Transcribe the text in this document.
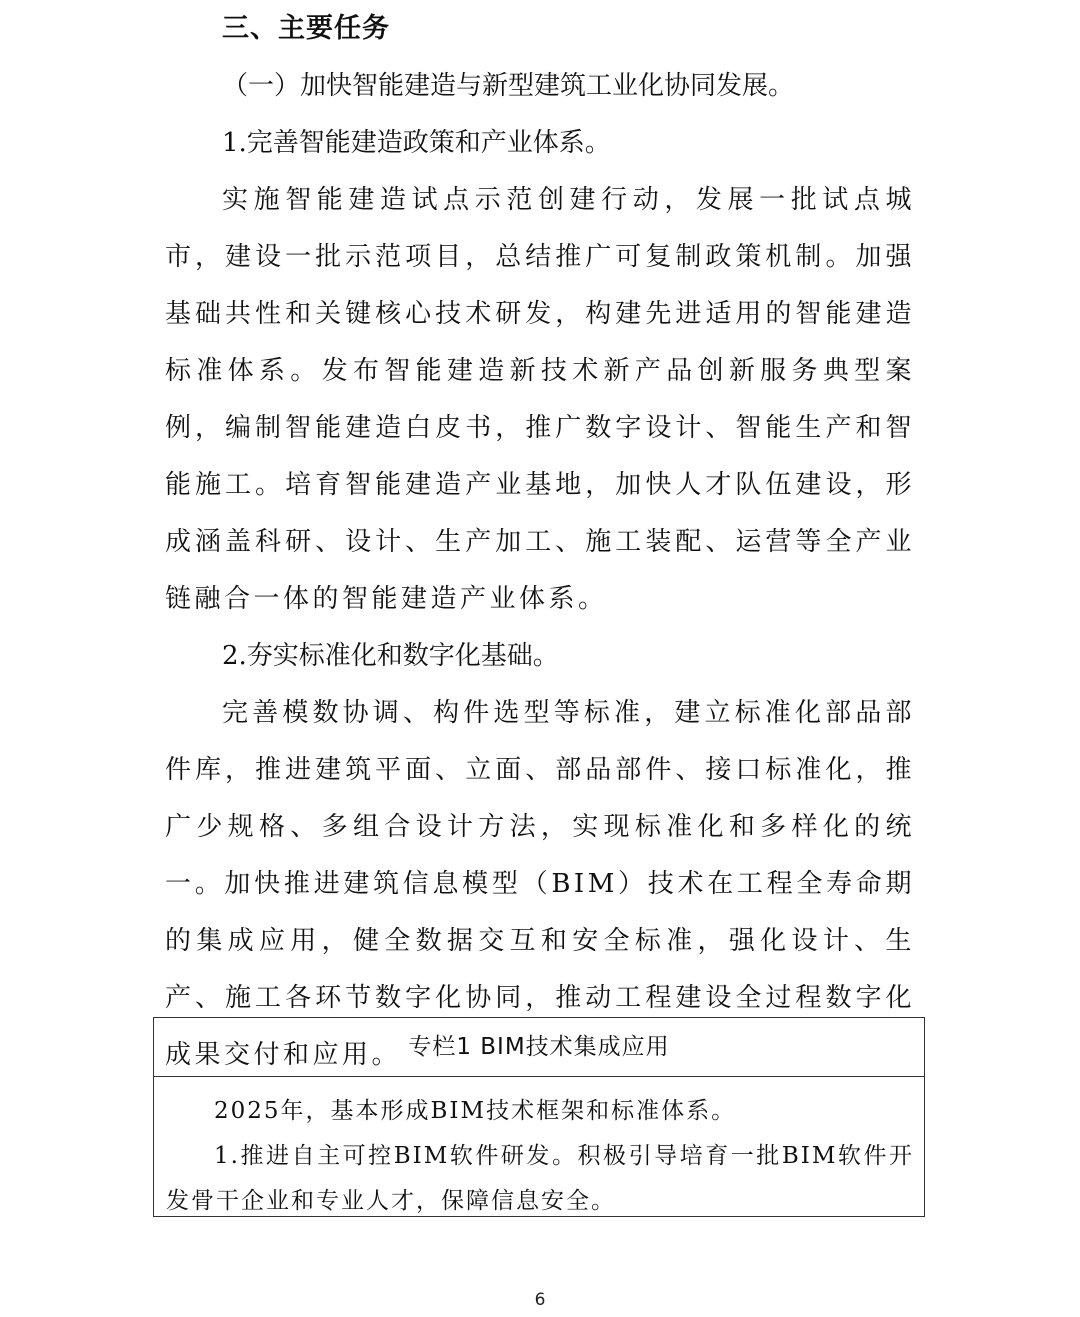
三、主要任务

（一）加快智能建造与新型建筑工业化协同发展。

1.完善智能建造政策和产业体系。

实施智能建造试点示范创建行动，发展一批试点城市，建设一批示范项目，总结推广可复制政策机制。加强基础共性和关键核心技术研发，构建先进适用的智能建造标准体系。发布智能建造新技术新产品创新服务典型案例，编制智能建造白皮书，推广数字设计、智能生产和智能施工。培育智能建造产业基地，加快人才队伍建设，形成涵盖科研、设计、生产加工、施工装配、运营等全产业链融合一体的智能建造产业体系。

2.夯实标准化和数字化基础。

完善模数协调、构件选型等标准，建立标准化部品部件库，推进建筑平面、立面、部品部件、接口标准化，推广少规格、多组合设计方法，实现标准化和多样化的统一。加快推进建筑信息模型（BIM）技术在工程全寿命期的集成应用，健全数据交互和安全标准，强化设计、生产、施工各环节数字化协同，推动工程建设全过程数字化成果交付和应用。 专栏1 BIM技术集成应用

2025年，基本形成BIM技术框架和标准体系。

1.推进自主可控BIM软件研发。积极引导培育一批BIM软件开发骨干企业和专业人才，保障信息安全。

6
